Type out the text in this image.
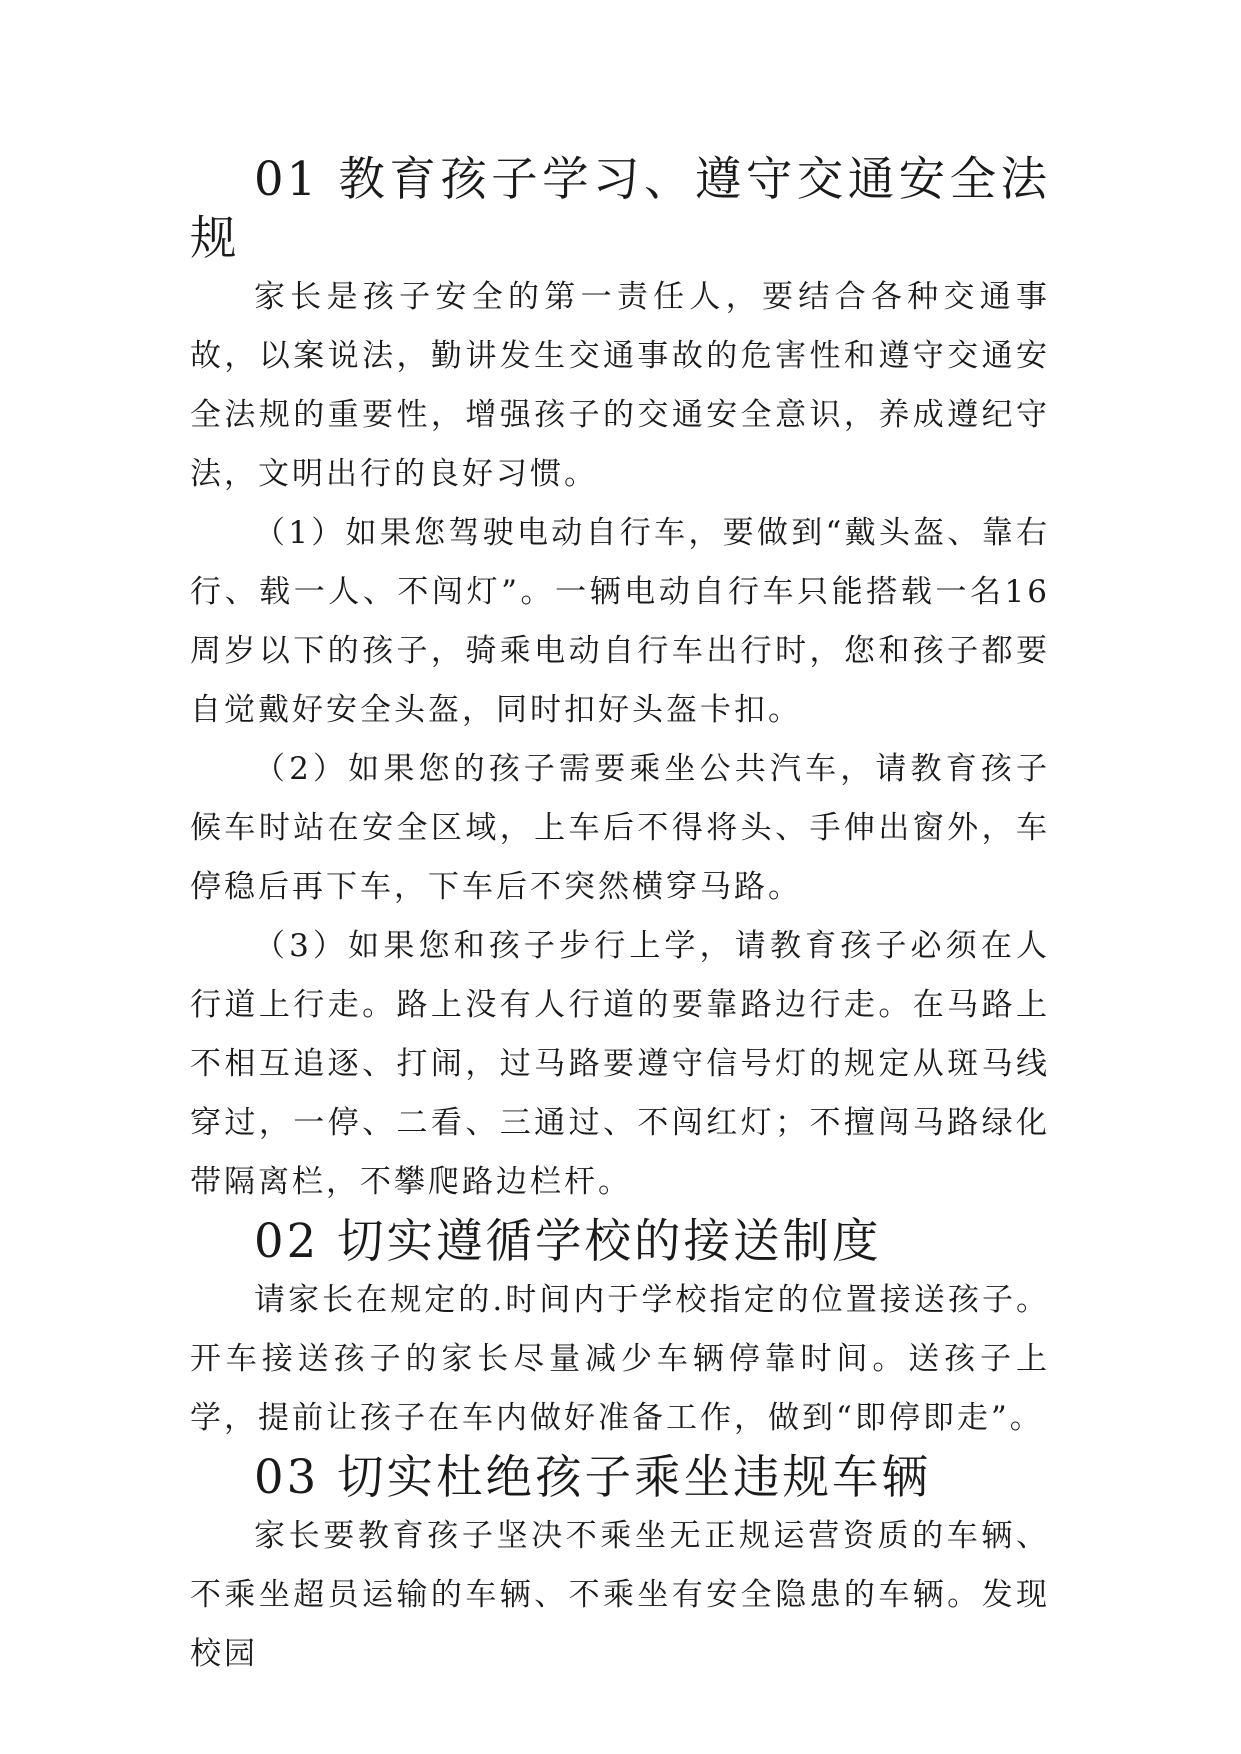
01 教育孩子学习、遵守交通安全法规

家长是孩子安全的第一责任人，要结合各种交通事故，以案说法，勤讲发生交通事故的危害性和遵守交通安全法规的重要性，增强孩子的交通安全意识，养成遵纪守法，文明出行的良好习惯。

（1）如果您驾驶电动自行车，要做到“戴头盔、靠右行、载一人、不闯灯”。一辆电动自行车只能搭载一名16周岁以下的孩子，骑乘电动自行车出行时，您和孩子都要自觉戴好安全头盔，同时扣好头盔卡扣。

（2）如果您的孩子需要乘坐公共汽车，请教育孩子候车时站在安全区域，上车后不得将头、手伸出窗外，车停稳后再下车，下车后不突然横穿马路。

（3）如果您和孩子步行上学，请教育孩子必须在人行道上行走。路上没有人行道的要靠路边行走。在马路上不相互追逐、打闹，过马路要遵守信号灯的规定从斑马线穿过，一停、二看、三通过、不闯红灯；不擅闯马路绿化带隔离栏，不攀爬路边栏杆。

02 切实遵循学校的接送制度

请家长在规定的.时间内于学校指定的位置接送孩子。开车接送孩子的家长尽量减少车辆停靠时间。送孩子上学，提前让孩子在车内做好准备工作，做到“即停即走”。

03 切实杜绝孩子乘坐违规车辆

家长要教育孩子坚决不乘坐无正规运营资质的车辆、不乘坐超员运输的车辆、不乘坐有安全隐患的车辆。发现校园
